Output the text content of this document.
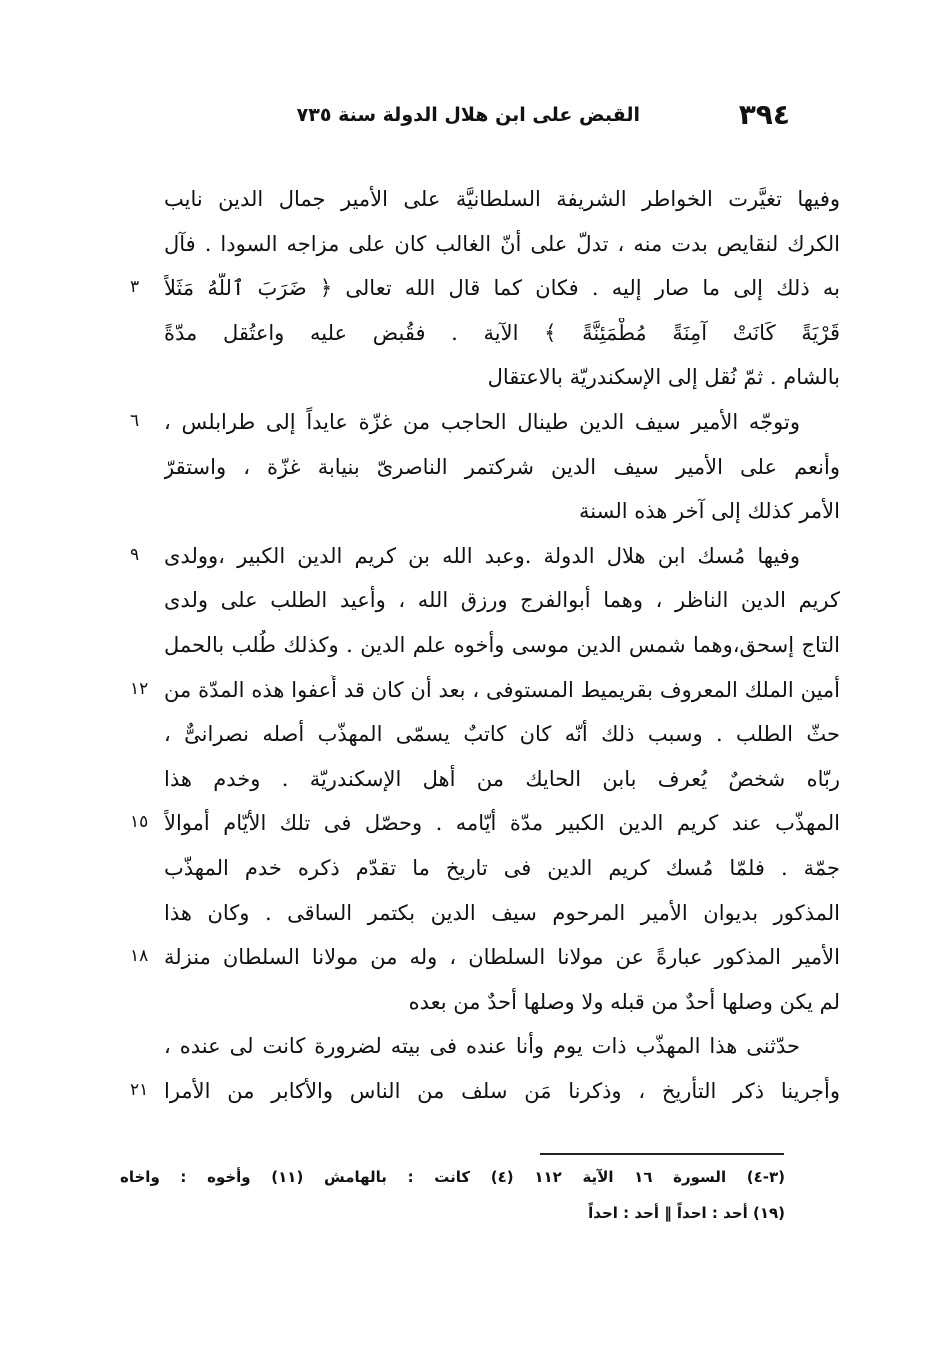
٣٩٤
القبض على ابن هلال الدولة سنة ٧٣٥
وفيها تغيَّرت الخواطر الشريفة السلطانيَّة على الأمير جمال الدين نايب
الكرك لنقايص بدت منه ، تدلّ على أنّ الغالب كان على مزاجه السودا . فآل
٣	به ذلك إلى ما صار إليه . فكان كما قال الله تعالى ﴿ ضَرَبَ ٱللّهُ مَثَلاً
قَرْيَةً كَانَتْ آمِنَةً مُطْمَئِنَّةً ﴾ الآية . فقُبض عليه واعتُقل مدّةً
بالشام . ثمّ نُقل إلى الإسكندريّة بالاعتقال
٦	وتوجّه الأمير سيف الدين طينال الحاجب من غزّة عايداً إلى طرابلس ،
وأنعم على الأمير سيف الدين شركتمر الناصرىّ بنيابة غزّة ، واستقرّ
الأمر كذلك إلى آخر هذه السنة
٩	وفيها مُسك ابن هلال الدولة .وعبد الله بن كريم الدين الكبير ،وولدى
كريم الدين الناظر ، وهما أبوالفرج ورزق الله ، وأعيد الطلب على ولدى
التاج إسحق،وهما شمس الدين موسى وأخوه علم الدين . وكذلك طُلب بالحمل
١٢ أمين الملك المعروف بقريميط المستوفى ، بعد أن كان قد أُعفوا هذه المدّة من
حثّ الطلب . وسبب ذلك أنّه كان كاتبٌ يسمّى المهذّب أصله نصرانىٌّ ،
ربّاه شخصٌ يُعرف بابن الحايك من أهل الإسكندريّة . وخدم هذا
١٥ المهذّب عند كريم الدين الكبير مدّة أيّامه . وحصّل فى تلك الأيّام أموالاً
جمّة . فلمّا مُسك كريم الدين فى تاريخ ما تقدّم ذكره خدم المهذّب
المذكور بديوان الأمير المرحوم سيف الدين بكتمر الساقى . وكان هذا
١٨ الأمير المذكور عبارةً عن مولانا السلطان ، وله من مولانا السلطان منزلة
لم يكن وصلها أحدٌ من قبله ولا وصلها أحدٌ من بعده
حدّثنى هذا المهذّب ذات يوم وأنا عنده فى بيته لضرورة كانت لى عنده ،
٢١ وأجرينا ذكر التأريخ ، وذكرنا مَن سلف من الناس والأكابر من الأمرا
(٣-٤) السورة ١٦ الآية ١١٢ (٤) كانت : بالهامش (١١) وأخوه : واخاه
(١٩) أحد : احداً ‖ أحد : احداً
